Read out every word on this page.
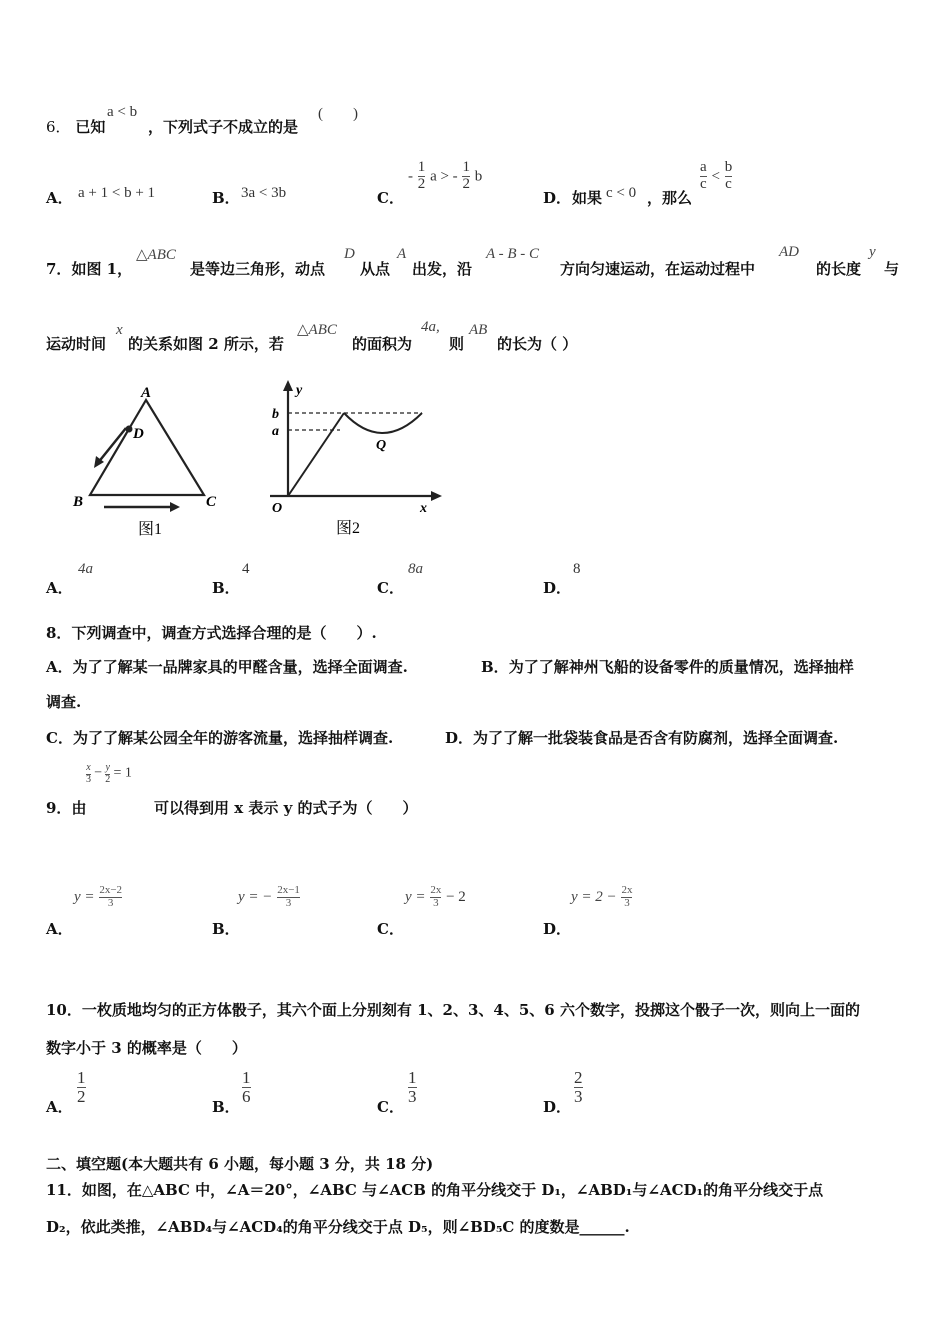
6． 已知
a < b
，下列式子不成立的是
(　　)
A． a + 1 < b + 1	B． 3a < 3b	C．
- $\frac{1}{2}$ a > - $\frac{1}{2}$ b
D． 如果 c < 0 ，那么
$\frac{a}{c} < \frac{b}{c}$
7．如图 1，
△ABC
是等边三角形，动点
D
从点
A
出发，沿
A - B - C
方向匀速运动，在运动过程中
AD
的长度
y
与
运动时间
x
的关系如图 2 所示，若
△ABC
的面积为
4a,
则
AB
的长为（ ）
A
D
B	C
图1
y
b
a
Q
O	x
图2
A．
4a
B．
4
C．
8a
D．
8
8．下列调查中，调查方式选择合理的是（　　）.
A．为了了解某一品牌家具的甲醛含量，选择全面调查.	B．为了了解神州飞船的设备零件的质量情况，选择抽样
调查.
C．为了了解某公园全年的游客流量，选择抽样调查.	D．为了了解一批袋装食品是否含有防腐剂，选择全面调查.
$\frac{x}{3} - \frac{y}{2} = 1$
9．由	可以得到用 x 表示 y 的式子为（　　）
$y = \frac{2x-2}{3}$	y = − $\frac{2x-1}{3}$	$y = \frac{2x}{3} - 2$	$y = 2 - \frac{2x}{3}$
A．	B．	C．	D．
10．一枚质地均匀的正方体骰子，其六个面上分别刻有 1、2、3、4、5、6 六个数字，投掷这个骰子一次，则向上一面的
数字小于 3 的概率是（　　）
A．
1
2
B．
1
6
C．
1
3
D．
2
3
二、填空题(本大题共有 6 小题，每小题 3 分，共 18 分)
11．如图，在△ABC 中，∠A＝20°，∠ABC 与∠ACB 的角平分线交于 D₁，∠ABD₁与∠ACD₁的角平分线交于点
D₂，依此类推，∠ABD₄与∠ACD₄的角平分线交于点 D₅，则∠BD₅C 的度数是______.
